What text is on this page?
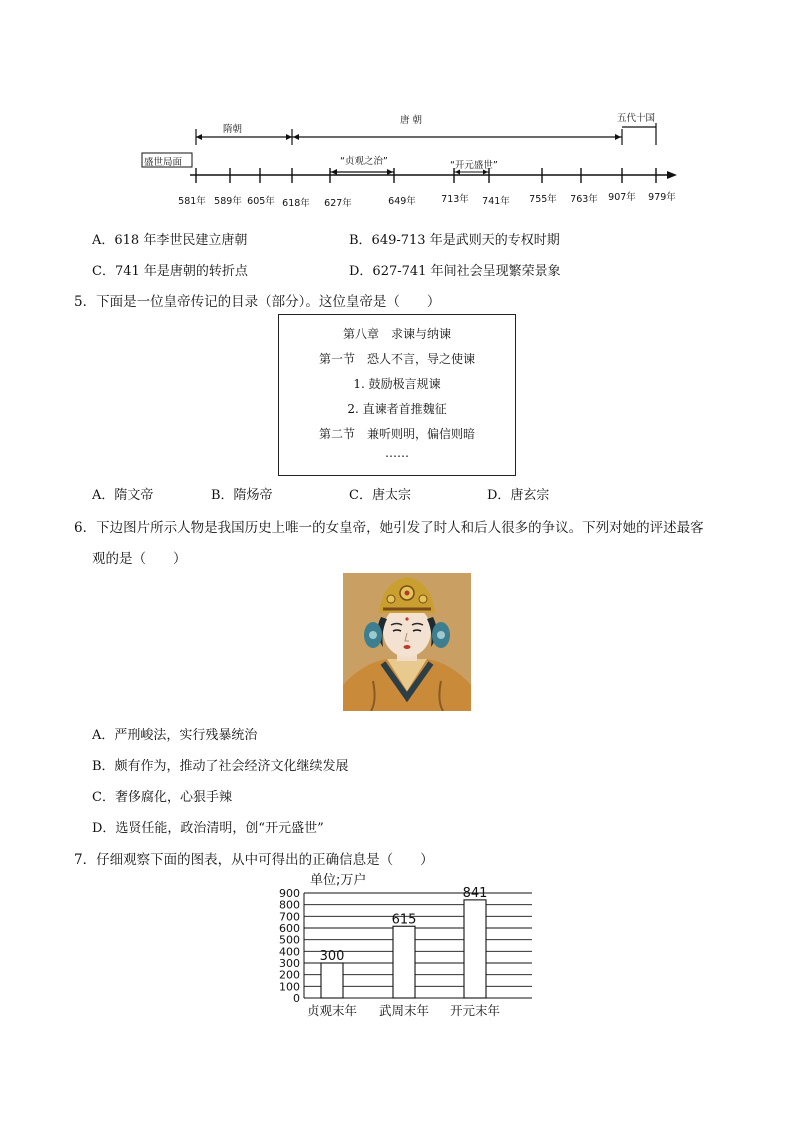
隋朝
唐 朝	五代十国
盛世局面	“贞观之治”	“开元盛世”
581年 589年 605年 618年 627年	649年	713年 741年 755年 763年 907年 979年
A．618 年李世民建立唐朝	B．649-713 年是武则天的专权时期
C．741 年是唐朝的转折点	D．627-741 年间社会呈现繁荣景象
5．下面是一位皇帝传记的目录（部分）。这位皇帝是（　　）
第八章　求谏与纳谏
第一节　恐人不言，导之使谏
1. 鼓励极言规谏
2. 直谏者首推魏征
第二节　兼听则明，偏信则暗
……
A．隋文帝	B．隋炀帝	C．唐太宗	D．唐玄宗
6．下边图片所示人物是我国历史上唯一的女皇帝，她引发了时人和后人很多的争议。下列对她的评述最客
观的是（　　）
A．严刑峻法，实行残暴统治
B．颇有作为，推动了社会经济文化继续发展
C．奢侈腐化，心狠手辣
D．选贤任能，政治清明，创“开元盛世”
7．仔细观察下面的图表，从中可得出的正确信息是（　　）
单位;万户
0
100
200
300
400
500
600
700
800
900
300
615
841
贞观末年 武周末年 开元末年
